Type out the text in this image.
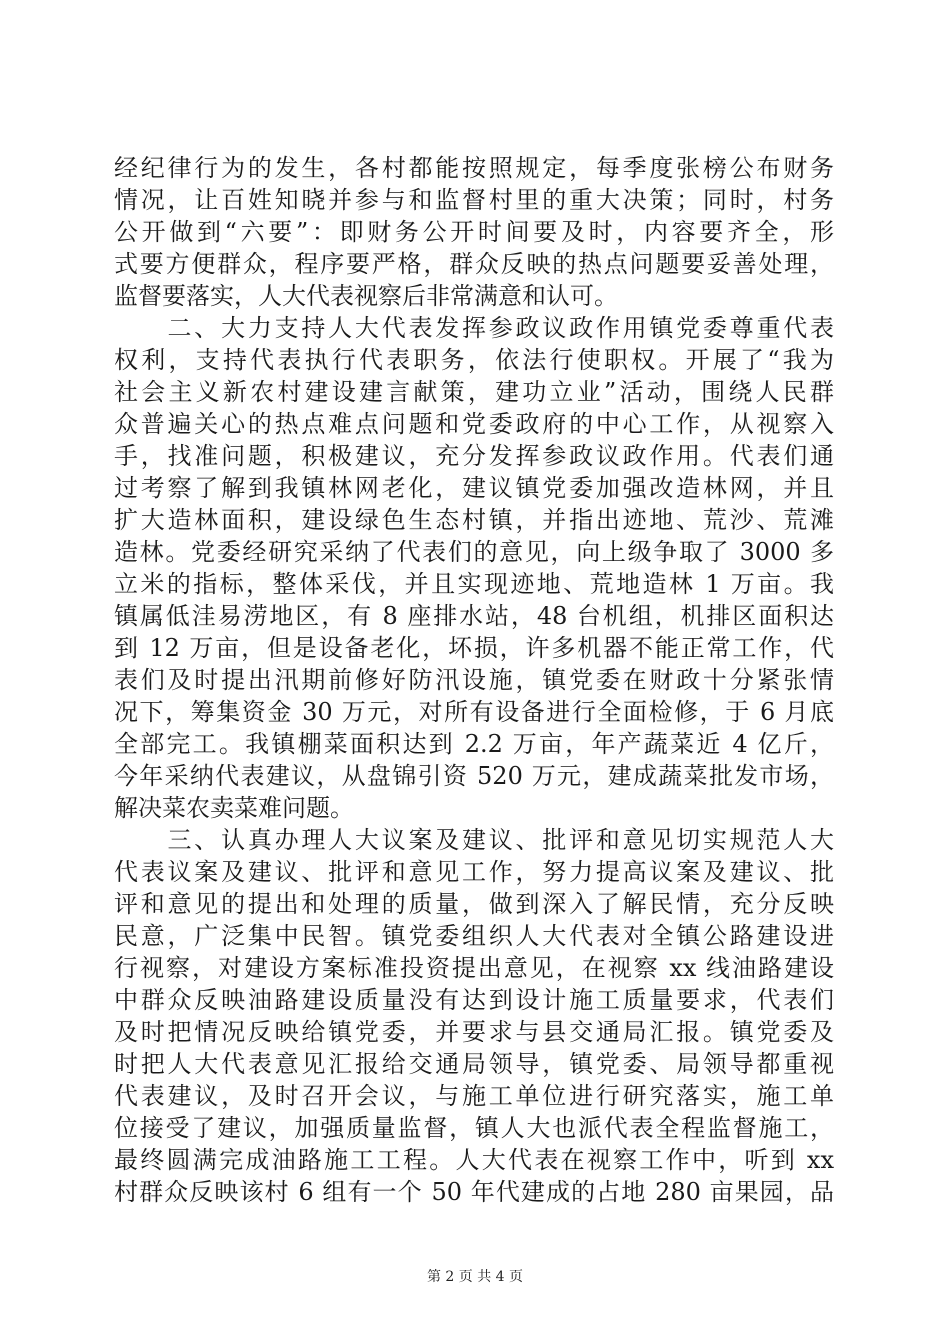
经纪律行为的发生，各村都能按照规定，每季度张榜公布财务
情况，让百姓知晓并参与和监督村里的重大决策；同时，村务
公开做到“六要”：即财务公开时间要及时，内容要齐全，形
式要方便群众，程序要严格，群众反映的热点问题要妥善处理，
监督要落实，人大代表视察后非常满意和认可。
　　二、大力支持人大代表发挥参政议政作用镇党委尊重代表
权利，支持代表执行代表职务，依法行使职权。开展了“我为
社会主义新农村建设建言献策，建功立业”活动，围绕人民群
众普遍关心的热点难点问题和党委政府的中心工作，从视察入
手，找准问题，积极建议，充分发挥参政议政作用。代表们通
过考察了解到我镇林网老化，建议镇党委加强改造林网，并且
扩大造林面积，建设绿色生态村镇，并指出迹地、荒沙、荒滩
造林。党委经研究采纳了代表们的意见，向上级争取了 3000 多
立米的指标，整体采伐，并且实现迹地、荒地造林 1 万亩。我
镇属低洼易涝地区，有 8 座排水站，48 台机组，机排区面积达
到 12 万亩，但是设备老化，坏损，许多机器不能正常工作，代
表们及时提出汛期前修好防汛设施，镇党委在财政十分紧张情
况下，筹集资金 30 万元，对所有设备进行全面检修，于 6 月底
全部完工。我镇棚菜面积达到 2.2 万亩，年产蔬菜近 4 亿斤，
今年采纳代表建议，从盘锦引资 520 万元，建成蔬菜批发市场，
解决菜农卖菜难问题。
　　三、认真办理人大议案及建议、批评和意见切实规范人大
代表议案及建议、批评和意见工作，努力提高议案及建议、批
评和意见的提出和处理的质量，做到深入了解民情，充分反映
民意，广泛集中民智。镇党委组织人大代表对全镇公路建设进
行视察，对建设方案标准投资提出意见，在视察 xx 线油路建设
中群众反映油路建设质量没有达到设计施工质量要求，代表们
及时把情况反映给镇党委，并要求与县交通局汇报。镇党委及
时把人大代表意见汇报给交通局领导，镇党委、局领导都重视
代表建议，及时召开会议，与施工单位进行研究落实，施工单
位接受了建议，加强质量监督，镇人大也派代表全程监督施工，
最终圆满完成油路施工工程。人大代表在视察工作中，听到 xx
村群众反映该村 6 组有一个 50 年代建成的占地 280 亩果园，品
第 2 页 共 4 页
